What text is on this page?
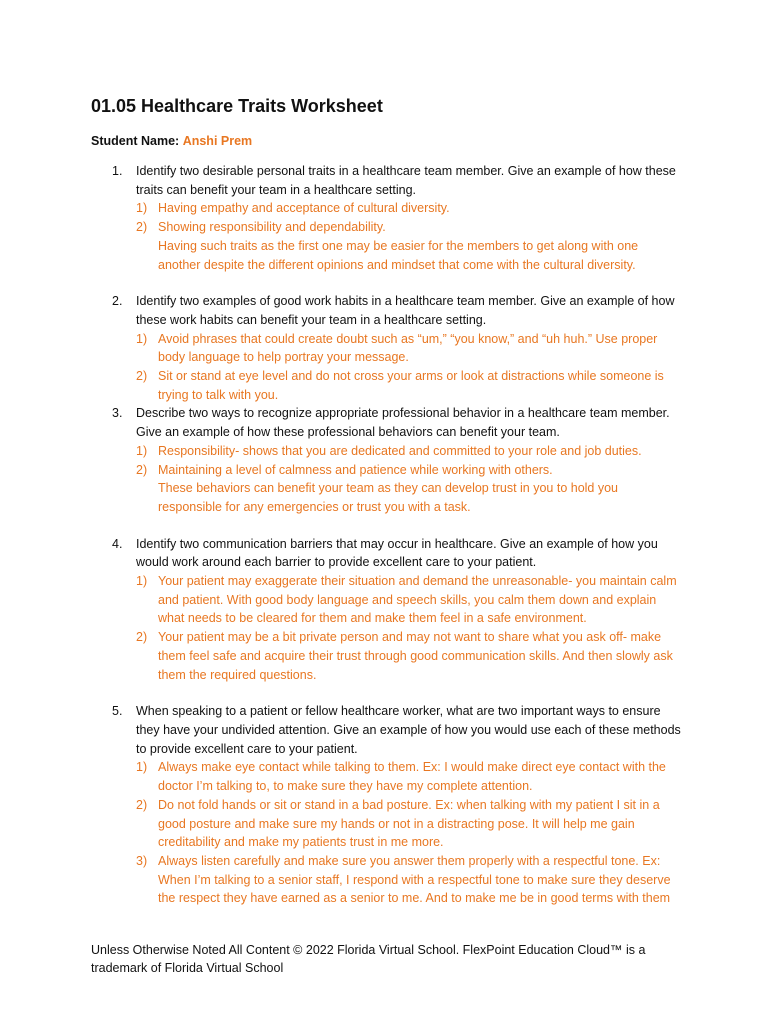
01.05 Healthcare Traits Worksheet
Student Name: Anshi Prem
1. Identify two desirable personal traits in a healthcare team member. Give an example of how these traits can benefit your team in a healthcare setting.
1) Having empathy and acceptance of cultural diversity.
2) Showing responsibility and dependability.
Having such traits as the first one may be easier for the members to get along with one another despite the different opinions and mindset that come with the cultural diversity.
2. Identify two examples of good work habits in a healthcare team member. Give an example of how these work habits can benefit your team in a healthcare setting.
1) Avoid phrases that could create doubt such as “um,” “you know,” and “uh huh.” Use proper body language to help portray your message.
2) Sit or stand at eye level and do not cross your arms or look at distractions while someone is trying to talk with you.
3. Describe two ways to recognize appropriate professional behavior in a healthcare team member. Give an example of how these professional behaviors can benefit your team.
1) Responsibility- shows that you are dedicated and committed to your role and job duties.
2) Maintaining a level of calmness and patience while working with others.
These behaviors can benefit your team as they can develop trust in you to hold you responsible for any emergencies or trust you with a task.
4. Identify two communication barriers that may occur in healthcare. Give an example of how you would work around each barrier to provide excellent care to your patient.
1) Your patient may exaggerate their situation and demand the unreasonable- you maintain calm and patient. With good body language and speech skills, you calm them down and explain what needs to be cleared for them and make them feel in a safe environment.
2) Your patient may be a bit private person and may not want to share what you ask off- make them feel safe and acquire their trust through good communication skills. And then slowly ask them the required questions.
5. When speaking to a patient or fellow healthcare worker, what are two important ways to ensure they have your undivided attention. Give an example of how you would use each of these methods to provide excellent care to your patient.
1) Always make eye contact while talking to them. Ex: I would make direct eye contact with the doctor I’m talking to, to make sure they have my complete attention.
2) Do not fold hands or sit or stand in a bad posture. Ex: when talking with my patient I sit in a good posture and make sure my hands or not in a distracting pose. It will help me gain creditability and make my patients trust in me more.
3) Always listen carefully and make sure you answer them properly with a respectful tone. Ex: When I’m talking to a senior staff, I respond with a respectful tone to make sure they deserve the respect they have earned as a senior to me. And to make me be in good terms with them
Unless Otherwise Noted All Content © 2022 Florida Virtual School. FlexPoint Education Cloud™ is a trademark of Florida Virtual School
